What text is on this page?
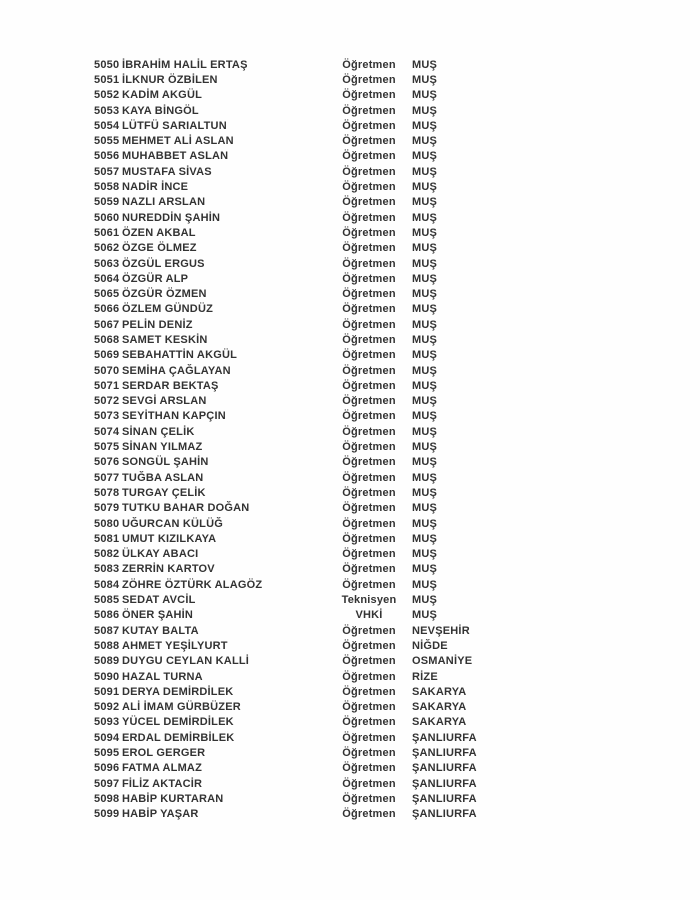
5050 İBRAHİM HALİL ERTAŞ	Öğretmen MUŞ
5051 İLKNUR ÖZBİLEN	Öğretmen MUŞ
5052 KADİM AKGÜL	Öğretmen MUŞ
5053 KAYA BİNGÖL	Öğretmen MUŞ
5054 LÜTFÜ SARIALTUN	Öğretmen MUŞ
5055 MEHMET ALİ ASLAN	Öğretmen MUŞ
5056 MUHABBET ASLAN	Öğretmen MUŞ
5057 MUSTAFA SİVAS	Öğretmen MUŞ
5058 NADİR İNCE	Öğretmen MUŞ
5059 NAZLI ARSLAN	Öğretmen MUŞ
5060 NUREDDİN ŞAHİN	Öğretmen MUŞ
5061 ÖZEN AKBAL	Öğretmen MUŞ
5062 ÖZGE ÖLMEZ	Öğretmen MUŞ
5063 ÖZGÜL ERGUS	Öğretmen MUŞ
5064 ÖZGÜR ALP	Öğretmen MUŞ
5065 ÖZGÜR ÖZMEN	Öğretmen MUŞ
5066 ÖZLEM GÜNDÜZ	Öğretmen MUŞ
5067 PELİN DENİZ	Öğretmen MUŞ
5068 SAMET KESKİN	Öğretmen MUŞ
5069 SEBAHATTİN AKGÜL	Öğretmen MUŞ
5070 SEMİHA ÇAĞLAYAN	Öğretmen MUŞ
5071 SERDAR BEKTAŞ	Öğretmen MUŞ
5072 SEVGİ ARSLAN	Öğretmen MUŞ
5073 SEYİTHAN KAPÇIN	Öğretmen MUŞ
5074 SİNAN ÇELİK	Öğretmen MUŞ
5075 SİNAN YILMAZ	Öğretmen MUŞ
5076 SONGÜL ŞAHİN	Öğretmen MUŞ
5077 TUĞBA ASLAN	Öğretmen MUŞ
5078 TURGAY ÇELİK	Öğretmen MUŞ
5079 TUTKU BAHAR DOĞAN	Öğretmen MUŞ
5080 UĞURCAN KÜLÜĞ	Öğretmen MUŞ
5081 UMUT KIZILKAYA	Öğretmen MUŞ
5082 ÜLKAY ABACI	Öğretmen MUŞ
5083 ZERRİN KARTOV	Öğretmen MUŞ
5084 ZÖHRE ÖZTÜRK ALAGÖZ	Öğretmen MUŞ
5085 SEDAT AVCİL	Teknisyen MUŞ
5086 ÖNER ŞAHİN	VHKİ	MUŞ
5087 KUTAY BALTA	Öğretmen NEVŞEHİR
5088 AHMET YEŞİLYURT	Öğretmen NİĞDE
5089 DUYGU CEYLAN KALLİ	Öğretmen OSMANİYE
5090 HAZAL TURNA	Öğretmen RİZE
5091 DERYA DEMİRDİLEK	Öğretmen SAKARYA
5092 ALİ İMAM GÜRBÜZER	Öğretmen SAKARYA
5093 YÜCEL DEMİRDİLEK	Öğretmen SAKARYA
5094 ERDAL DEMİRBİLEK	Öğretmen ŞANLIURFA
5095 EROL GERGER	Öğretmen ŞANLIURFA
5096 FATMA ALMAZ	Öğretmen ŞANLIURFA
5097 FİLİZ AKTACİR	Öğretmen ŞANLIURFA
5098 HABİP KURTARAN	Öğretmen ŞANLIURFA
5099 HABİP YAŞAR	Öğretmen ŞANLIURFA
